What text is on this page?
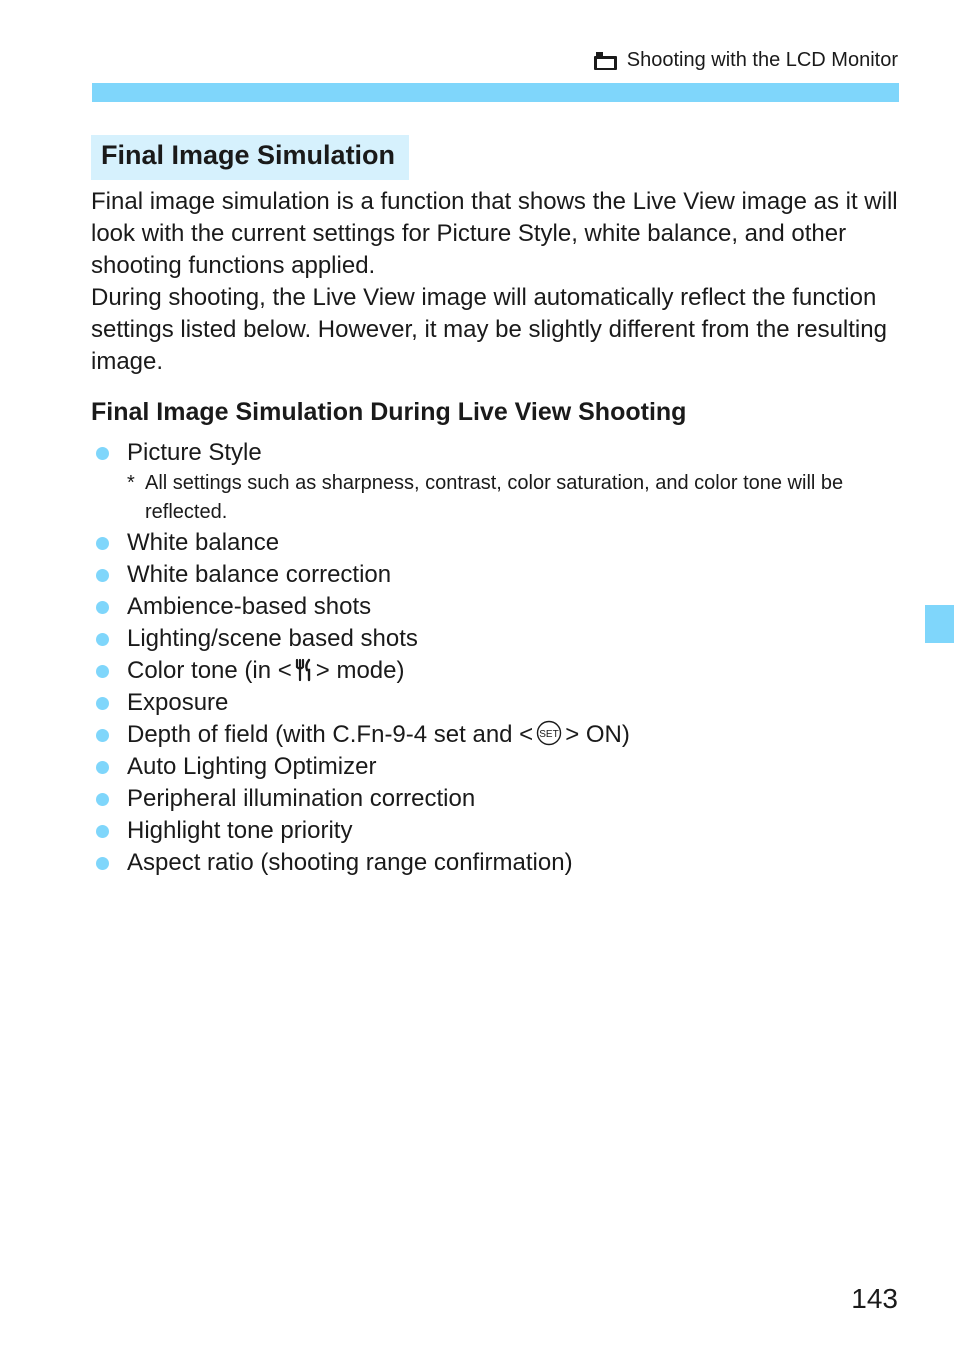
Shooting with the LCD Monitor
Final Image Simulation

Final image simulation is a function that shows the Live View image as it will look with the current settings for Picture Style, white balance, and other shooting functions applied.

During shooting, the Live View image will automatically reflect the function settings listed below. However, it may be slightly different from the resulting image.

Final Image Simulation During Live View Shooting
Picture Style
* All settings such as sharpness, contrast, color saturation, and color tone will be reflected.
White balance
White balance correction
Ambience-based shots
Lighting/scene based shots
Color tone (in < > mode)
Exposure
Depth of field (with C.Fn-9-4 set and < SET > ON)
Auto Lighting Optimizer
Peripheral illumination correction
Highlight tone priority
Aspect ratio (shooting range confirmation)
143
